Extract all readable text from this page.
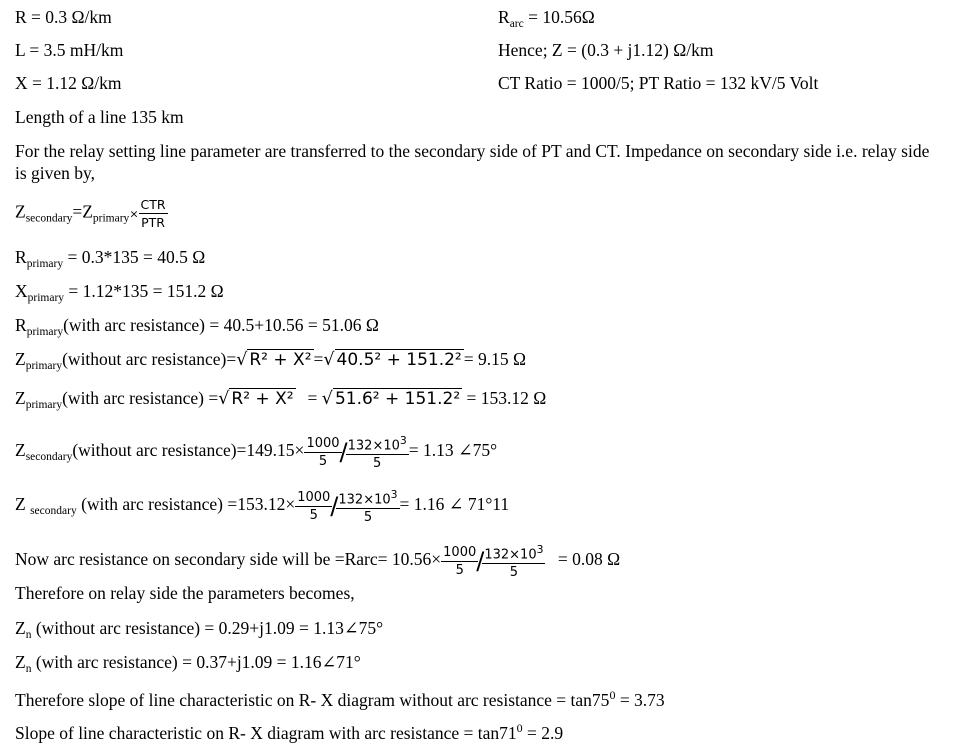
R = 0.3 Ω/km	$R_{arc} = 10.56\Omega$
L = 3.5 mH/km	Hence; Z = (0.3 + j1.12) Ω/km
X = 1.12 Ω/km	CT Ratio = 1000/5; PT Ratio = 132 kV/5 Volt
Length of a line 135 km
For the relay setting line parameter are transferred to the secondary side of PT and CT. Impedance on secondary side i.e. relay side is given by,
$Z_{secondary}=Z_{primary}\times \frac{\text{CTR}}{\text{PTR}}$
$R_{primary} = 0.3*135 = 40.5$ Ω
$X_{primary} = 1.12*135 = 151.2$ Ω
$R_{primary}(with$ arc resistance) = 40.5+10.56 = 51.06 Ω
$Z_{primary}(without$ arc resistance)=√ R² + X² =√ 40.5² + 151.2² = 9.15 Ω
$Z_{primary}(with$ arc resistance) =√ R² + X² = √ 51.6² + 151.2² = 153.12 Ω
$Z_{secondary}(without$ arc resistance)=149.15× $\frac{1000}{5}$
/
$\frac{132\times 10^3}{5} = 1.13$ ∠75°
Z $_{secondary}$ (with arc resistance) $=153.12\times \frac{1000}{5}$
/
$\frac{132\times 10^3}{5} = 1.16$ ∠ 71°11
Now arc resistance on secondary side will be =Rarc= $10.56\times \frac{1000}{5}$
/
$\frac{132\times 10^3}{5} = 0.08$ Ω
Therefore on relay side the parameters becomes,
$Z_n$ (without arc resistance) = 0.29+j1.09 = 1.13∠75°
$Z_n$ (with arc resistance) = 0.37+j1.09 = 1.16∠71°
Therefore slope of line characteristic on R- X diagram without arc resistance = $\tan 75^0 = 3.73$
Slope of line characteristic on R- X diagram with arc resistance = $\tan 71^0 = 2.9$
